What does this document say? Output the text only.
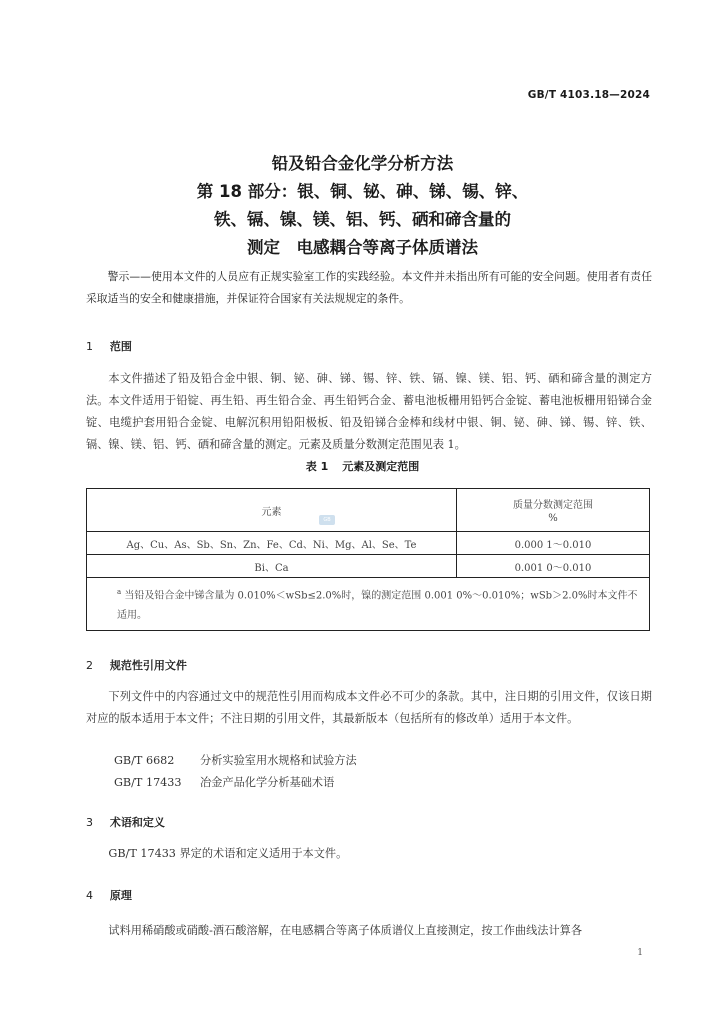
GB/T 4103.18—2024
铅及铅合金化学分析方法
第 18 部分：银、铜、铋、砷、锑、锡、锌、
铁、镉、镍、镁、铝、钙、硒和碲含量的
测定　电感耦合等离子体质谱法
警示——使用本文件的人员应有正规实验室工作的实践经验。本文件并未指出所有可能的安全问题。使用者有责任采取适当的安全和健康措施，并保证符合国家有关法规规定的条件。
1 范围
本文件描述了铅及铅合金中银、铜、铋、砷、锑、锡、锌、铁、镉、镍、镁、铝、钙、硒和碲含量的测定方法。 本文件适用于铅锭、再生铅、再生铅合金、再生铅钙合金、蓄电池板栅用铅钙合金锭、蓄电池板栅用铅锑合金锭、电缆护套用铅合金锭、电解沉积用铅阳极板、铅及铅锑合金棒和线材中银、铜、铋、砷、锑、锡、锌、铁、镉、镍、镁、铝、钙、硒和碲含量的测定。元素及质量分数测定范围见表 1。
表 1 元素及测定范围
元素	质量分数测定范围
%

Ag、Cu、As、Sb、Sn、Zn、Fe、Cd、Ni、Mg、Al、Se、Te	0.000 1～0.010
Bi、Ca	0.001 0～0.010
$^a$ 当铅及铅合金中锑含量为 0.010%＜wSb≤2.0%时，镍的测定范围 0.001 0%～0.010%；wSb＞2.0%时本文件不适用。	
GB
2 规范性引用文件
下列文件中的内容通过文中的规范性引用而构成本文件必不可少的条款。其中，注日期的引用文件，仅该日期对应的版本适用于本文件；不注日期的引用文件，其最新版本（包括所有的修改单）适用于本文件。
GB/T 6682 分析实验室用水规格和试验方法
GB/T 17433 冶金产品化学分析基础术语
3 术语和定义
GB/T 17433 界定的术语和定义适用于本文件。
4 原理
试料用稀硝酸或硝酸-酒石酸溶解，在电感耦合等离子体质谱仪上直接测定，按工作曲线法计算各
1
